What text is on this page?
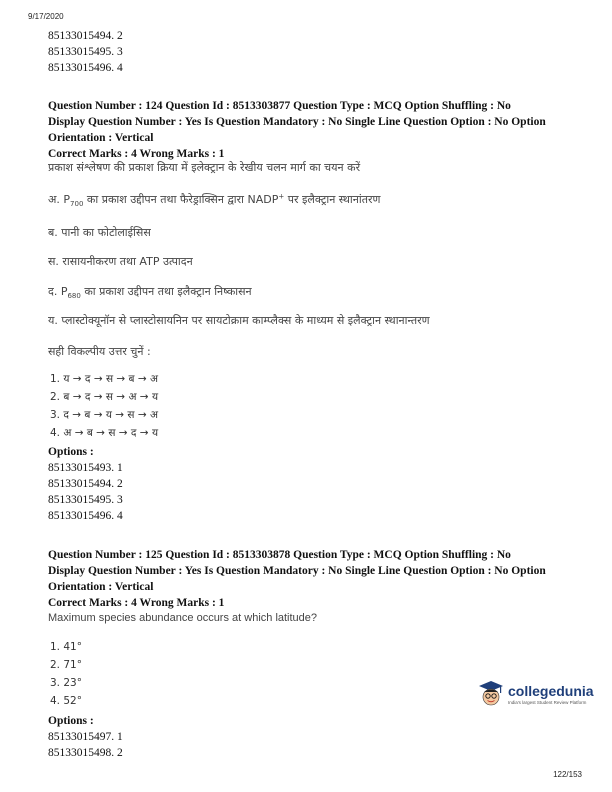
9/17/2020
85133015494. 2
85133015495. 3
85133015496. 4
Question Number : 124 Question Id : 8513303877 Question Type : MCQ Option Shuffling : No
Display Question Number : Yes Is Question Mandatory : No Single Line Question Option : No Option
Orientation : Vertical
Correct Marks : 4 Wrong Marks : 1
प्रकाश संश्लेषण की प्रकाश क्रिया में इलेक्ट्रान के रेखीय चलन मार्ग का चयन करें
अ. $P_{700}$ का प्रकाश उद्दीपन तथा फैरेड्राक्सिन द्वारा NADP+ पर इलैक्ट्रान स्थानांतरण
ब. पानी का फोटोलाईसिस
स. रासायनीकरण तथा ATP उत्पादन
द. $P_{680}$ का प्रकाश उद्दीपन तथा इलैक्ट्रान निष्कासन
य. प्लास्टोक्यूनॉन से प्लास्टोसायनिन पर सायटोक्राम काम्प्लैक्स के माध्यम से इलैक्ट्रान स्थानान्तरण
सही विकल्पीय उत्तर चुनें :
1. य → द → स → ब → अ
2. ब → द → स → अ → य
3. द → ब → य → स → अ
4. अ → ब → स → द → य
Options :
85133015493. 1
85133015494. 2
85133015495. 3
85133015496. 4
Question Number : 125 Question Id : 8513303878 Question Type : MCQ Option Shuffling : No
Display Question Number : Yes Is Question Mandatory : No Single Line Question Option : No Option
Orientation : Vertical
Correct Marks : 4 Wrong Marks : 1
Maximum species abundance occurs at which latitude?
1. 41°
2. 71°
3. 23°
4. 52°
Options :
85133015497. 1
85133015498. 2
collegedunia
India's largest Student Review Platform
122/153
